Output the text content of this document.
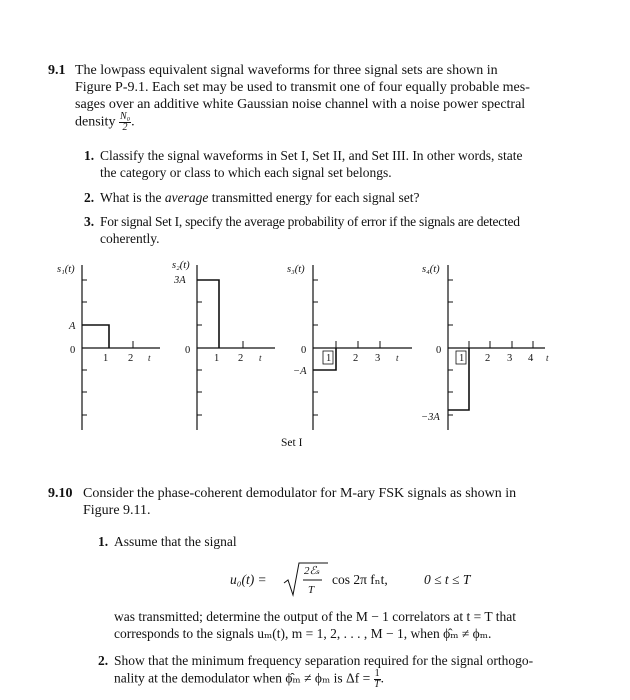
9.1 The lowpass equivalent signal waveforms for three signal sets are shown in
Figure P-9.1. Each set may be used to transmit one of four equally probable mes-
sages over an additive white Gaussian noise channel with a noise power spectral
density $\frac{\text{N₀}}{2}$ .
1. Classify the signal waveforms in Set I, Set II, and Set III. In other words, state
the category or class to which each signal set belongs.
2. What is the average transmitted energy for each signal set?
3. For signal Set I, specify the average probability of error if the signals are detected
coherently.
s₁(t)
A
0
1 2 t
s₂(t)
3A
0
1 2 t
s₃(t)
0
−A
1 2 3 t
s₄(t)
0
−3A
1 2 3 4 t
Set I
9.10 Consider the phase-coherent demodulator for M-ary FSK signals as shown in
Figure 9.11.
1. Assume that the signal
u₀(t) =
2ℰₛ
T
cos 2π fₙt,	0 ≤ t ≤ T
was transmitted; determine the output of the M − 1 correlators at t = T that
corresponds to the signals uₘ(t), m = 1, 2, . . . , M − 1, when ϕ̂ₘ ≠ ϕₘ.
2. Show that the minimum frequency separation required for the signal orthogo-
nality at the demodulator when ϕ̂ₘ ≠ ϕₘ is $\Delta f = \frac{1}{T}$ .
